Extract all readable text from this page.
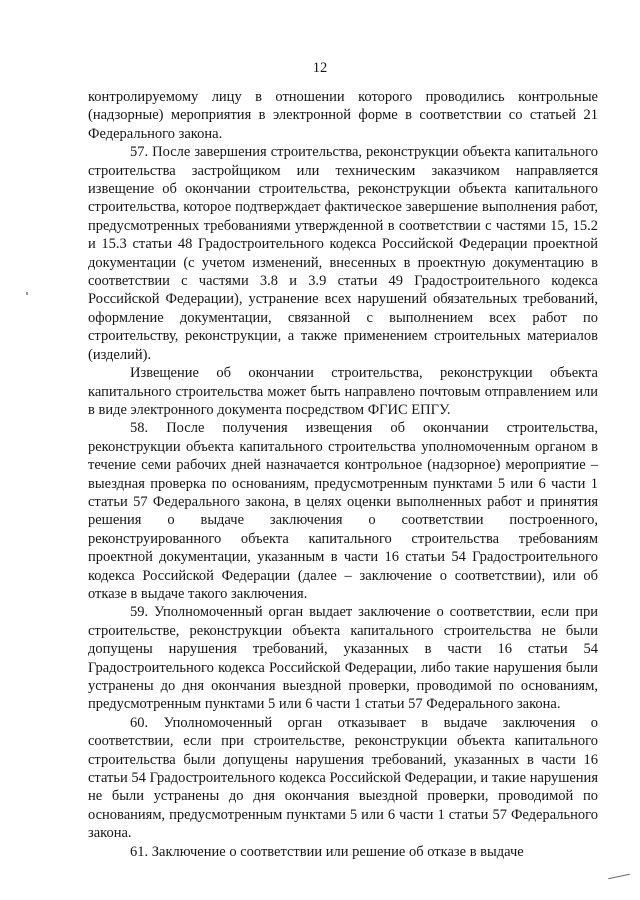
12

контролируемому лицу в отношении которого проводились контрольные (надзорные) мероприятия в электронной форме в соответствии со статьей 21 Федерального закона.

57. После завершения строительства, реконструкции объекта капитального строительства застройщиком или техническим заказчиком направляется извещение об окончании строительства, реконструкции объекта капитального строительства, которое подтверждает фактическое завершение выполнения работ, предусмотренных требованиями утвержденной в соответствии с частями 15, 15.2 и 15.3 статьи 48 Градостроительного кодекса Российской Федерации проектной документации (с учетом изменений, внесенных в проектную документацию в соответствии с частями 3.8 и 3.9 статьи 49 Градостроительного кодекса Российской Федерации), устранение всех нарушений обязательных требований, оформление документации, связанной с выполнением всех работ по строительству, реконструкции, а также применением строительных материалов (изделий).

Извещение об окончании строительства, реконструкции объекта капитального строительства может быть направлено почтовым отправлением или в виде электронного документа посредством ФГИС ЕПГУ.

58. После получения извещения об окончании строительства, реконструкции объекта капитального строительства уполномоченным органом в течение семи рабочих дней назначается контрольное (надзорное) мероприятие – выездная проверка по основаниям, предусмотренным пунктами 5 или 6 части 1 статьи 57 Федерального закона, в целях оценки выполненных работ и принятия решения о выдаче заключения о соответствии построенного, реконструированного объекта капитального строительства требованиям проектной документации, указанным в части 16 статьи 54 Градостроительного кодекса Российской Федерации (далее – заключение о соответствии), или об отказе в выдаче такого заключения.

59. Уполномоченный орган выдает заключение о соответствии, если при строительстве, реконструкции объекта капитального строительства не были допущены нарушения требований, указанных в части 16 статьи 54 Градостроительного кодекса Российской Федерации, либо такие нарушения были устранены до дня окончания выездной проверки, проводимой по основаниям, предусмотренным пунктами 5 или 6 части 1 статьи 57 Федерального закона.

60. Уполномоченный орган отказывает в выдаче заключения о соответствии, если при строительстве, реконструкции объекта капитального строительства были допущены нарушения требований, указанных в части 16 статьи 54 Градостроительного кодекса Российской Федерации, и такие нарушения не были устранены до дня окончания выездной проверки, проводимой по основаниям, предусмотренным пунктами 5 или 6 части 1 статьи 57 Федерального закона.

61. Заключение о соответствии или решение об отказе в выдаче
